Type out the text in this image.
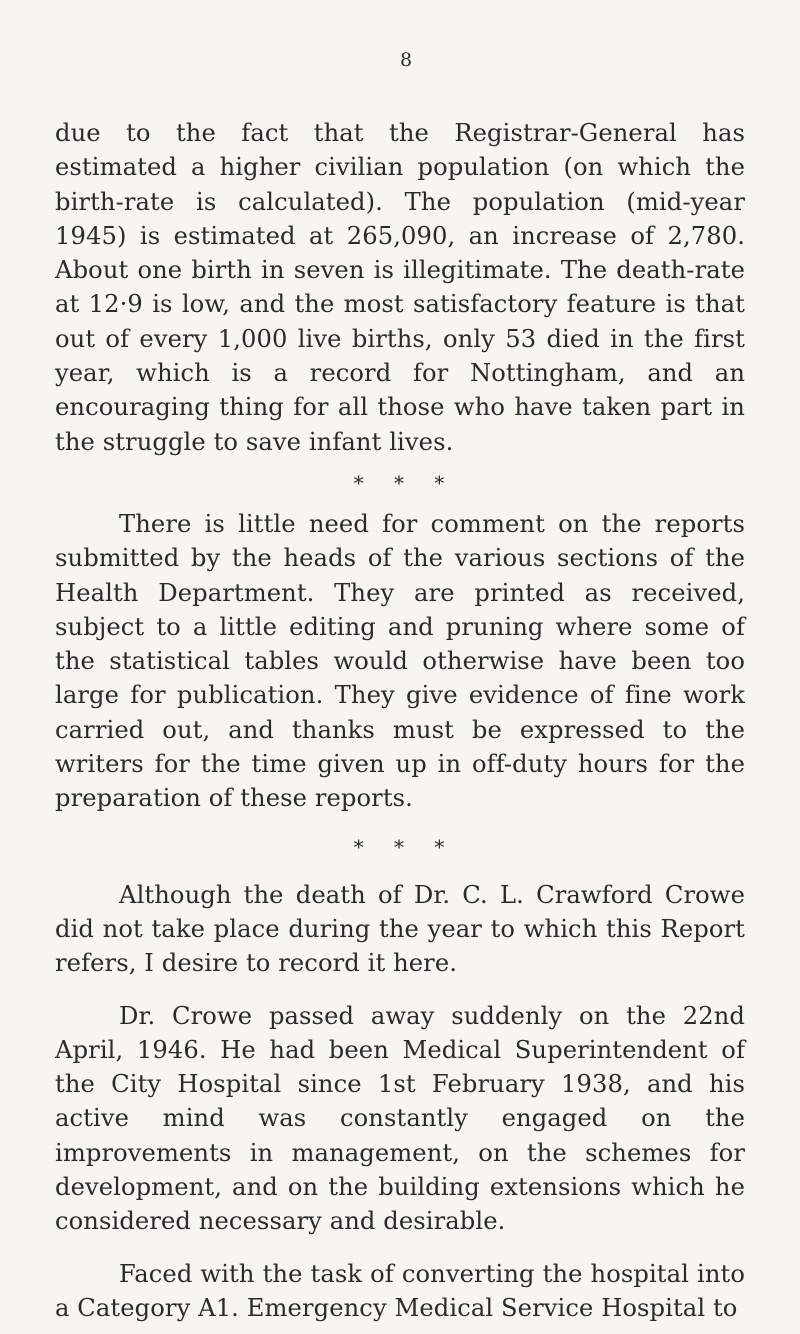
8

due to the fact that the Registrar-General has estimated a higher civilian population (on which the birth-rate is calculated). The population (mid-year 1945) is estimated at 265,090, an increase of 2,780. About one birth in seven is illegitimate. The death-rate at 12·9 is low, and the most satisfactory feature is that out of every 1,000 live births, only 53 died in the first year, which is a record for Nottingham, and an encouraging thing for all those who have taken part in the struggle to save infant lives.

* * *

There is little need for comment on the reports submitted by the heads of the various sections of the Health Department. They are printed as received, subject to a little editing and pruning where some of the statistical tables would otherwise have been too large for publication. They give evidence of fine work carried out, and thanks must be expressed to the writers for the time given up in off-duty hours for the preparation of these reports.

* * *

Although the death of Dr. C. L. Crawford Crowe did not take place during the year to which this Report refers, I desire to record it here.

Dr. Crowe passed away suddenly on the 22nd April, 1946. He had been Medical Superintendent of the City Hospital since 1st February 1938, and his active mind was constantly engaged on the improvements in management, on the schemes for development, and on the building extensions which he considered necessary and desirable.

Faced with the task of converting the hospital into a Category A1. Emergency Medical Service Hospital to
